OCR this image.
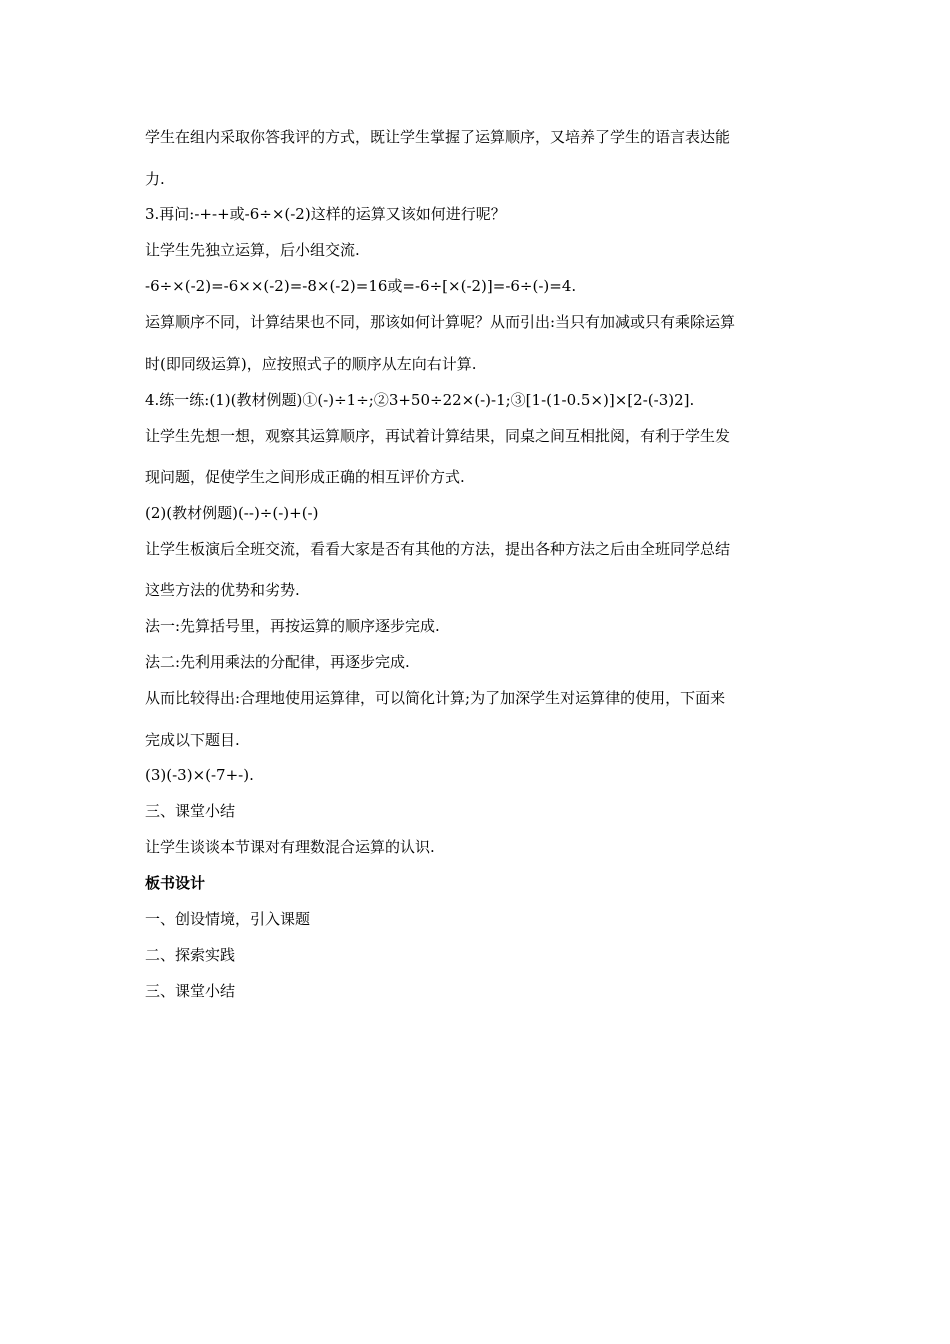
学生在组内采取你答我评的方式，既让学生掌握了运算顺序，又培养了学生的语言表达能
力.
3.再问:-+-+或-6÷×(-2)这样的运算又该如何进行呢？
让学生先独立运算，后小组交流.
-6÷×(-2)=-6××(-2)=-8×(-2)=16或=-6÷[×(-2)]=-6÷(-)=4.
运算顺序不同，计算结果也不同，那该如何计算呢？从而引出:当只有加减或只有乘除运算
时(即同级运算)，应按照式子的顺序从左向右计算.
4.练一练:(1)(教材例题)①(-)÷1÷;②3+50÷22×(-)-1;③[1-(1-0.5×)]×[2-(-3)2].
让学生先想一想，观察其运算顺序，再试着计算结果，同桌之间互相批阅，有利于学生发
现问题，促使学生之间形成正确的相互评价方式.
(2)(教材例题)(--)÷(-)+(-)
让学生板演后全班交流，看看大家是否有其他的方法，提出各种方法之后由全班同学总结
这些方法的优势和劣势.
法一:先算括号里，再按运算的顺序逐步完成.
法二:先利用乘法的分配律，再逐步完成.
从而比较得出:合理地使用运算律，可以简化计算;为了加深学生对运算律的使用，下面来
完成以下题目.
(3)(-3)×(-7+-).
三、课堂小结
让学生谈谈本节课对有理数混合运算的认识.
板书设计
一、创设情境，引入课题
二、探索实践
三、课堂小结
